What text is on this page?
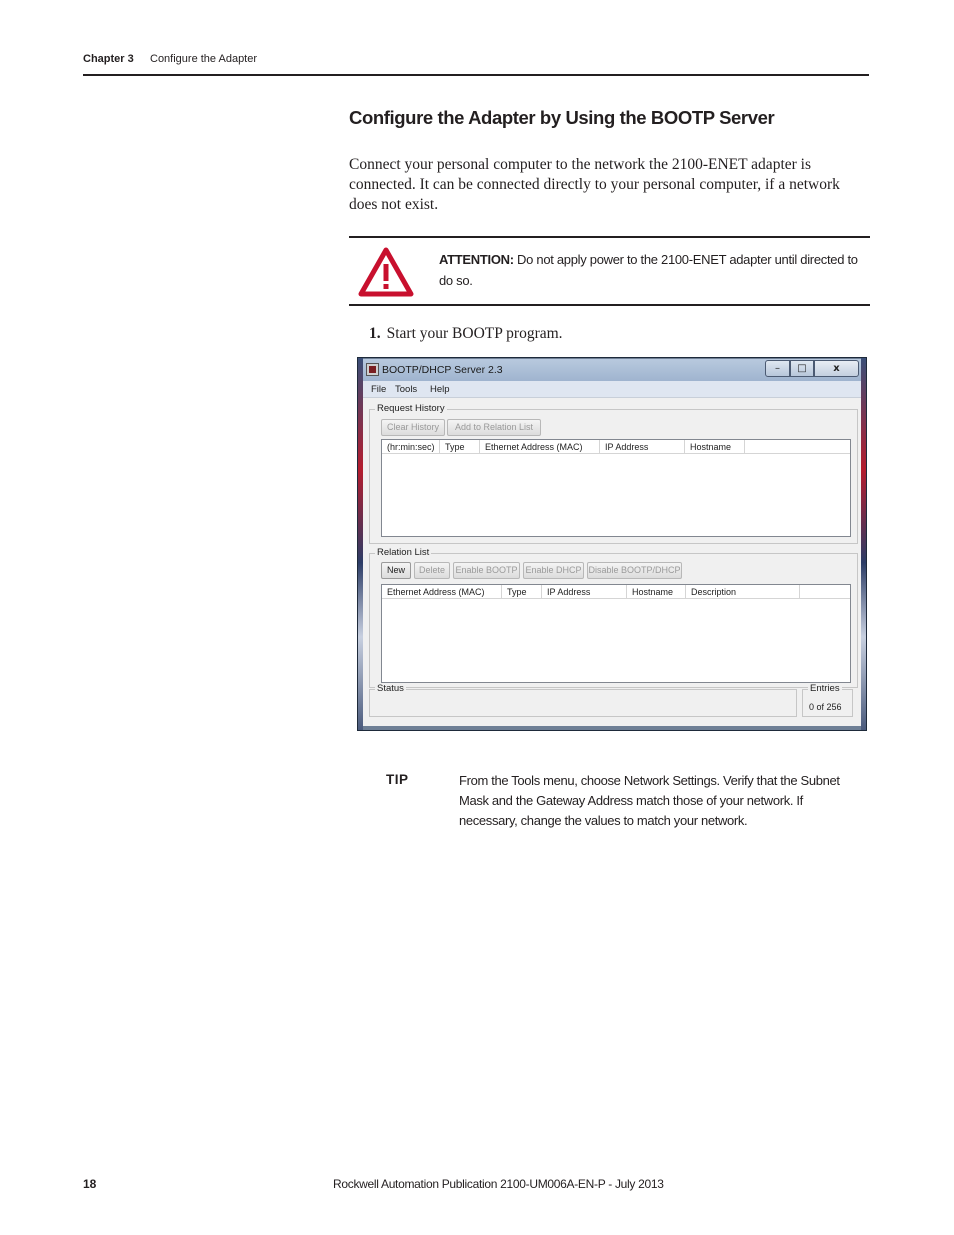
Chapter 3 Configure the Adapter
Configure the Adapter by Using the BOOTP Server

Connect your personal computer to the network the 2100-ENET adapter is connected. It can be connected directly to your personal computer, if a network does not exist.

ATTENTION: Do not apply power to the 2100-ENET adapter until directed to do so.
1. Start your BOOTP program.
BOOTP/DHCP Server 2.3	–	□	x
File Tools Help
Request History
Clear History	Add to Relation List
(hr:min:sec)	Type	Ethernet Address (MAC)	IP Address	Hostname
Relation List
New	Delete	Enable BOOTP Enable DHCP Disable BOOTP/DHCP
Ethernet Address (MAC)	Type	IP Address	Hostname	Description
Status	Entries
0 of 256
TIP	From the Tools menu, choose Network Settings. Verify that the Subnet Mask and the Gateway Address match those of your network. If necessary, change the values to match your network.
18	Rockwell Automation Publication 2100-UM006A-EN-P - July 2013
